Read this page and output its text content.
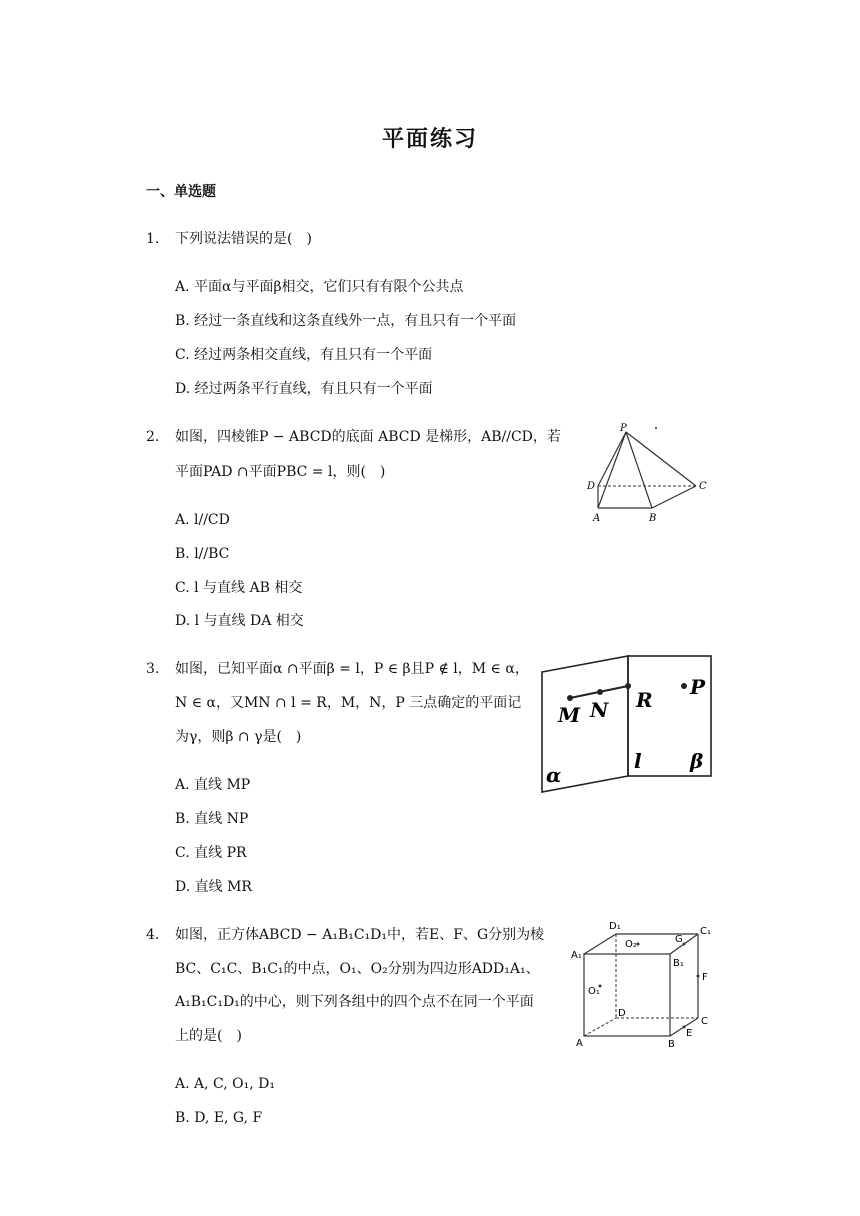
平面练习
一、单选题
1. 下列说法错误的是(　)
A. 平面α与平面β相交，它们只有有限个公共点
B. 经过一条直线和这条直线外一点，有且只有一个平面
C. 经过两条相交直线，有且只有一个平面
D. 经过两条平行直线，有且只有一个平面
2. 如图，四棱锥P − ABCD的底面 ABCD 是梯形，AB//CD，若
平面PAD ∩平面PBC = l，则(　)
A. l//CD
B. l//BC
C. l 与直线 AB 相交
D. l 与直线 DA 相交
P
D	C
A	B
3. 如图，已知平面α ∩平面β = l，P ∈ β且P ∉ l，M ∈ α，
N ∈ α，又MN ∩ l = R，M，N，P 三点确定的平面记
为γ，则β ∩ γ是(　)
A. 直线 MP
B. 直线 NP
C. 直线 PR
D. 直线 MR
M N R
P
l β
α
4. 如图，正方体ABCD − A₁B₁C₁D₁中，若E、F、G分别为棱
BC、C₁C、B₁C₁的中点，O₁、O₂分别为四边形ADD₁A₁、
A₁B₁C₁D₁的中心，则下列各组中的四个点不在同一个平面
上的是(　)
A. A, C, O₁, D₁
B. D, E, G, F
D₁	C₁
A₁
B₁
O₂	G
O₁
F
D
C
E
A	B
